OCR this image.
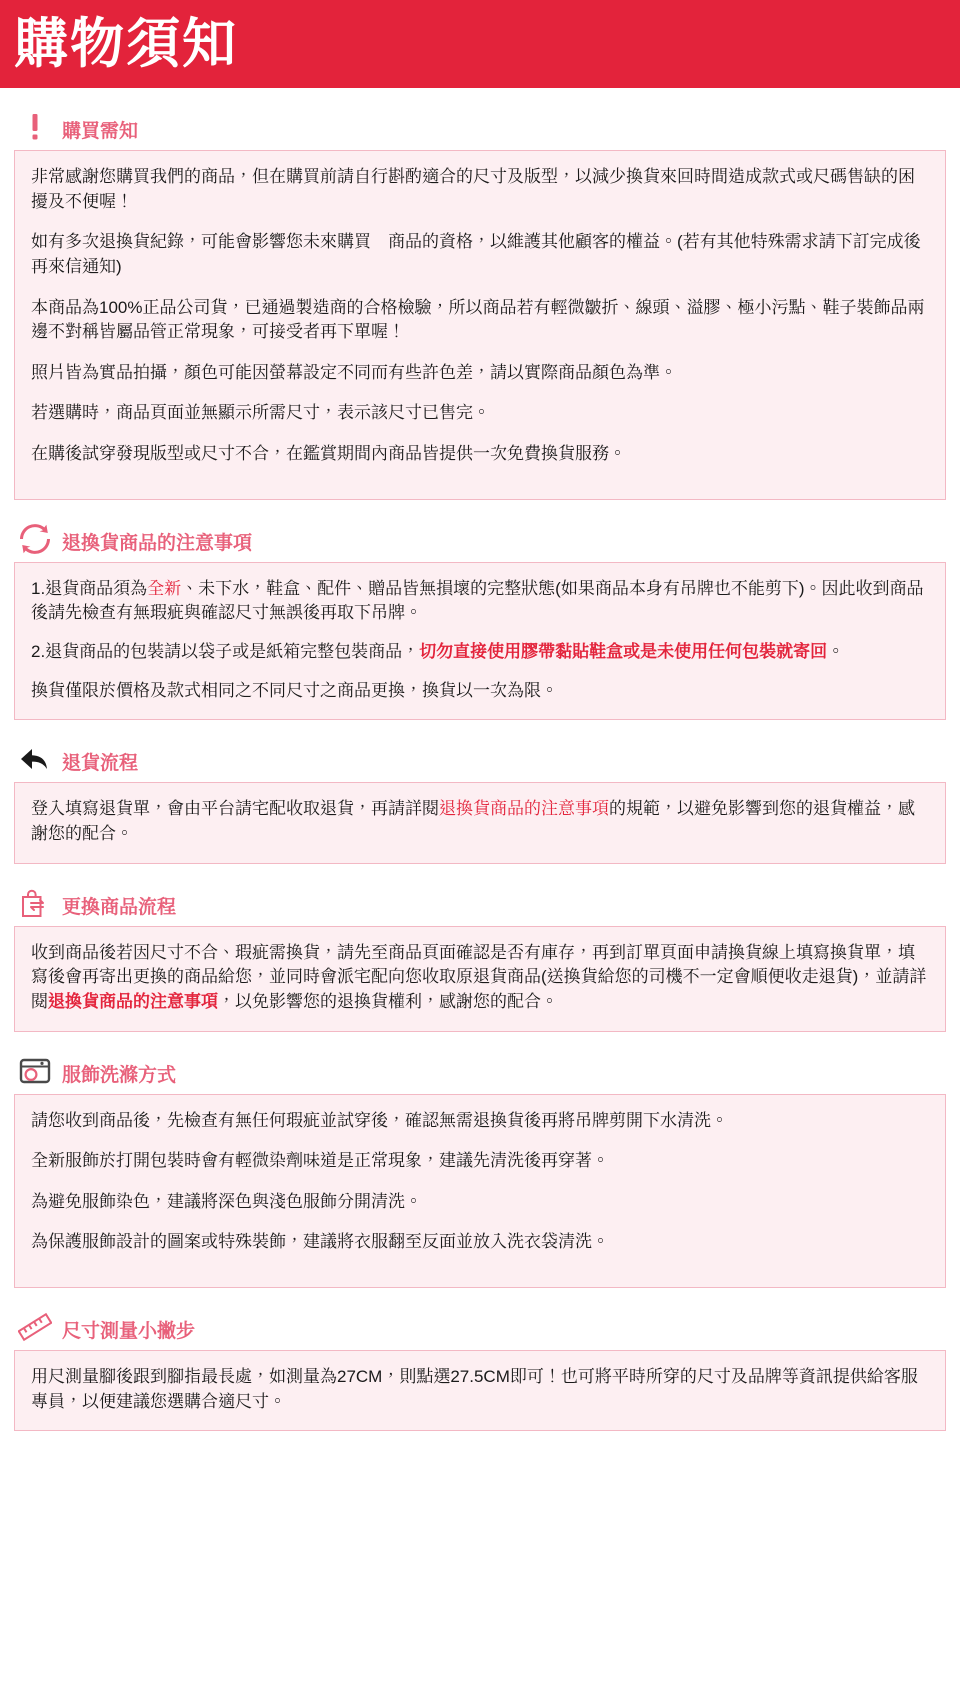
購物須知
購買需知

非常感謝您購買我們的商品，但在購買前請自行斟酌適合的尺寸及版型，以減少換貨來回時間造成款式或尺碼售缺的困擾及不便喔！

如有多次退換貨紀錄，可能會影響您未來購買　商品的資格，以維護其他顧客的權益。(若有其他特殊需求請下訂完成後再來信通知)

本商品為100%正品公司貨，已通過製造商的合格檢驗，所以商品若有輕微皺折、線頭、溢膠、極小污點、鞋子裝飾品兩邊不對稱皆屬品管正常現象，可接受者再下單喔！

照片皆為實品拍攝，顏色可能因螢幕設定不同而有些許色差，請以實際商品顏色為準。

若選購時，商品頁面並無顯示所需尺寸，表示該尺寸已售完。

在購後試穿發現版型或尺寸不合，在鑑賞期間內商品皆提供一次免費換貨服務。

退換貨商品的注意事項

1.退貨商品須為全新、未下水，鞋盒、配件、贈品皆無損壞的完整狀態(如果商品本身有吊牌也不能剪下)。因此收到商品後請先檢查有無瑕疵與確認尺寸無誤後再取下吊牌。

2.退貨商品的包裝請以袋子或是紙箱完整包裝商品，切勿直接使用膠帶黏貼鞋盒或是未使用任何包裝就寄回。

換貨僅限於價格及款式相同之不同尺寸之商品更換，換貨以一次為限。

退貨流程

登入填寫退貨單，會由平台請宅配收取退貨，再請詳閱退換貨商品的注意事項的規範，以避免影響到您的退貨權益，感謝您的配合。

更換商品流程

收到商品後若因尺寸不合、瑕疵需換貨，請先至商品頁面確認是否有庫存，再到訂單頁面申請換貨線上填寫換貨單，填寫後會再寄出更換的商品給您，並同時會派宅配向您收取原退貨商品(送換貨給您的司機不一定會順便收走退貨)，並請詳閱退換貨商品的注意事項，以免影響您的退換貨權利，感謝您的配合。

服飾洗滌方式

請您收到商品後，先檢查有無任何瑕疵並試穿後，確認無需退換貨後再將吊牌剪開下水清洗。

全新服飾於打開包裝時會有輕微染劑味道是正常現象，建議先清洗後再穿著。

為避免服飾染色，建議將深色與淺色服飾分開清洗。

為保護服飾設計的圖案或特殊裝飾，建議將衣服翻至反面並放入洗衣袋清洗。

尺寸測量小撇步

用尺測量腳後跟到腳指最長處，如測量為27CM，則點選27.5CM即可！也可將平時所穿的尺寸及品牌等資訊提供給客服專員，以便建議您選購合適尺寸。
